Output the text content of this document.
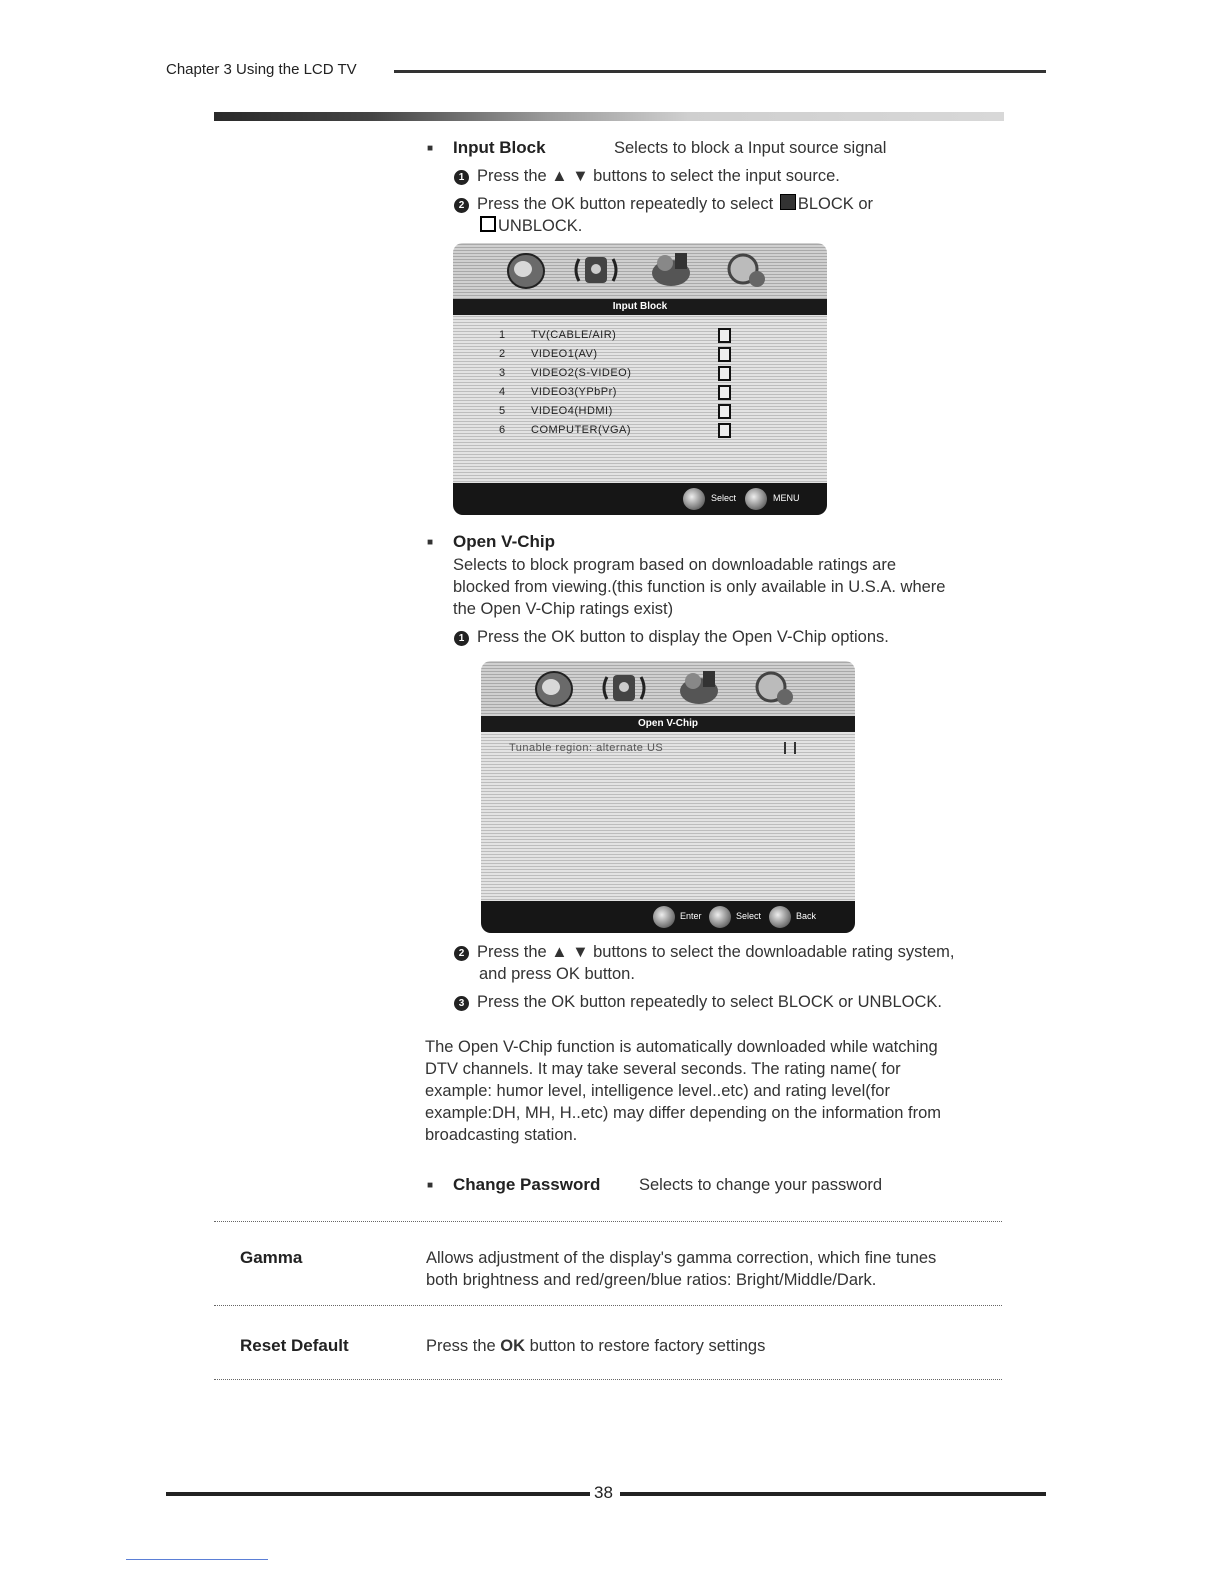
Chapter 3 Using the LCD TV
■ Input Block	Selects to block a Input source signal
1 Press the ▲ ▼ buttons to select the input source.
2 Press the OK button repeatedly to select BLOCK or
UNBLOCK.
Input Block
1 TV(CABLE/AIR)
2 VIDEO1(AV)
3 VIDEO2(S-VIDEO)
4 VIDEO3(YPbPr)
5 VIDEO4(HDMI)
6 COMPUTER(VGA)
Select	MENU
■ Open V-Chip
Selects to block program based on downloadable ratings are
blocked from viewing.(this function is only available in U.S.A. where
the Open V-Chip ratings exist)
1 Press the OK button to display the Open V-Chip options.
Open V-Chip
Tunable region: alternate US
Enter	Select	Back
2 Press the ▲ ▼ buttons to select the downloadable rating system,
and press OK button.
3 Press the OK button repeatedly to select BLOCK or UNBLOCK.
The Open V-Chip function is automatically downloaded while watching
DTV channels. It may take several seconds. The rating name( for
example: humor level, intelligence level..etc) and rating level(for
example:DH, MH, H..etc) may differ depending on the information from
broadcasting station.
■ Change Password Selects to change your password
Gamma	Allows adjustment of the display's gamma correction, which fine tunes
both brightness and red/green/blue ratios: Bright/Middle/Dark.
Reset Default	Press the OK button to restore factory settings
38
